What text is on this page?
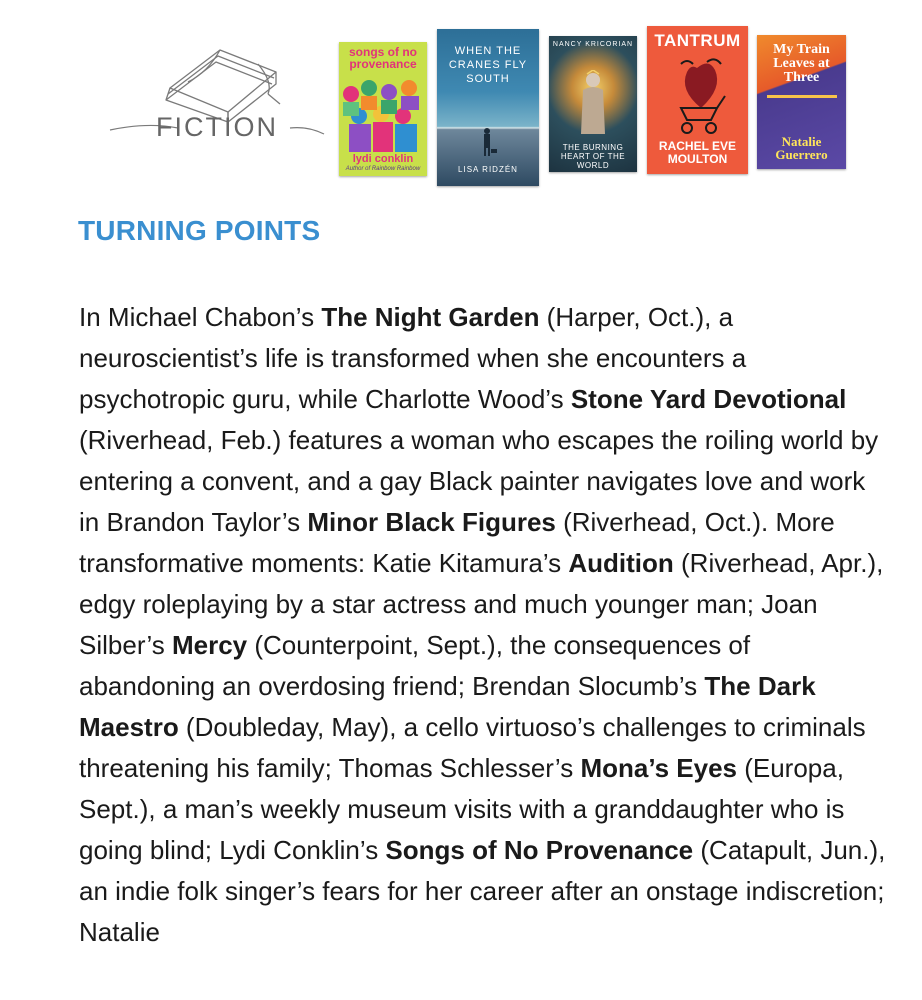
FICTION
songs of no provenance
lydi conklin
Author of Rainbow Rainbow
WHEN THE CRANES FLY SOUTH
LISA RIDZÉN
NANCY KRICORIAN
THE BURNING HEART OF THE WORLD
TANTRUM
RACHEL EVE MOULTON
My Train Leaves at Three
Natalie Guerrero
TURNING POINTS

In Michael Chabon’s The Night Garden (Harper, Oct.), a neuroscientist’s life is transformed when she encounters a psychotropic guru, while Charlotte Wood’s Stone Yard Devotional (Riverhead, Feb.) features a woman who escapes the roiling world by entering a convent, and a gay Black painter navigates love and work in Brandon Taylor’s Minor Black Figures (Riverhead, Oct.). More transformative moments: Katie Kitamura’s Audition (Riverhead, Apr.), edgy roleplaying by a star actress and much younger man; Joan Silber’s Mercy (Counterpoint, Sept.), the consequences of abandoning an overdosing friend; Brendan Slocumb’s The Dark Maestro (Doubleday, May), a cello virtuoso’s challenges to criminals threatening his family; Thomas Schlesser’s Mona’s Eyes (Europa, Sept.), a man’s weekly museum visits with a granddaughter who is going blind; Lydi Conklin’s Songs of No Provenance (Catapult, Jun.), an indie folk singer’s fears for her career after an onstage indiscretion; Natalie
